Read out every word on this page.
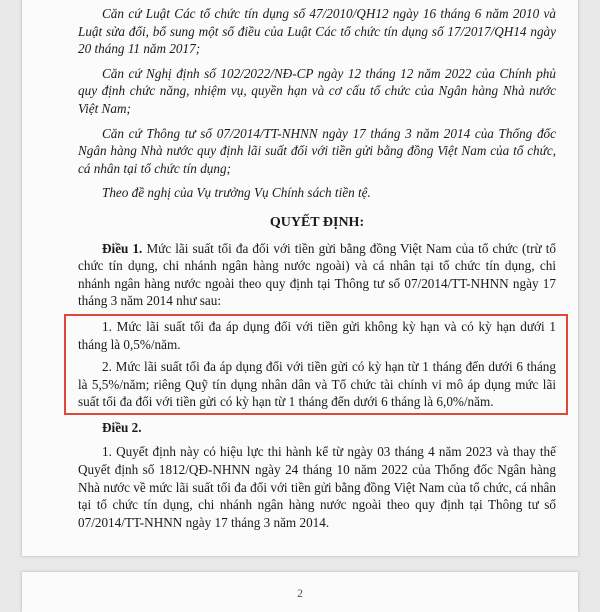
Căn cứ Luật Các tổ chức tín dụng số 47/2010/QH12 ngày 16 tháng 6 năm 2010 và Luật sửa đổi, bổ sung một số điều của Luật Các tổ chức tín dụng số 17/2017/QH14 ngày 20 tháng 11 năm 2017;

Căn cứ Nghị định số 102/2022/NĐ-CP ngày 12 tháng 12 năm 2022 của Chính phủ quy định chức năng, nhiệm vụ, quyền hạn và cơ cấu tổ chức của Ngân hàng Nhà nước Việt Nam;

Căn cứ Thông tư số 07/2014/TT-NHNN ngày 17 tháng 3 năm 2014 của Thống đốc Ngân hàng Nhà nước quy định lãi suất đối với tiền gửi bằng đồng Việt Nam của tổ chức, cá nhân tại tổ chức tín dụng;

Theo đề nghị của Vụ trưởng Vụ Chính sách tiền tệ.

QUYẾT ĐỊNH:

Điều 1. Mức lãi suất tối đa đối với tiền gửi bằng đồng Việt Nam của tổ chức (trừ tổ chức tín dụng, chi nhánh ngân hàng nước ngoài) và cá nhân tại tổ chức tín dụng, chi nhánh ngân hàng nước ngoài theo quy định tại Thông tư số 07/2014/TT-NHNN ngày 17 tháng 3 năm 2014 như sau:

1. Mức lãi suất tối đa áp dụng đối với tiền gửi không kỳ hạn và có kỳ hạn dưới 1 tháng là 0,5%/năm.

2. Mức lãi suất tối đa áp dụng đối với tiền gửi có kỳ hạn từ 1 tháng đến dưới 6 tháng là 5,5%/năm; riêng Quỹ tín dụng nhân dân và Tổ chức tài chính vi mô áp dụng mức lãi suất tối đa đối với tiền gửi có kỳ hạn từ 1 tháng đến dưới 6 tháng là 6,0%/năm.

Điều 2.

1. Quyết định này có hiệu lực thi hành kể từ ngày 03 tháng 4 năm 2023 và thay thế Quyết định số 1812/QĐ-NHNN ngày 24 tháng 10 năm 2022 của Thống đốc Ngân hàng Nhà nước về mức lãi suất tối đa đối với tiền gửi bằng đồng Việt Nam của tổ chức, cá nhân tại tổ chức tín dụng, chi nhánh ngân hàng nước ngoài theo quy định tại Thông tư số 07/2014/TT-NHNN ngày 17 tháng 3 năm 2014.

2
